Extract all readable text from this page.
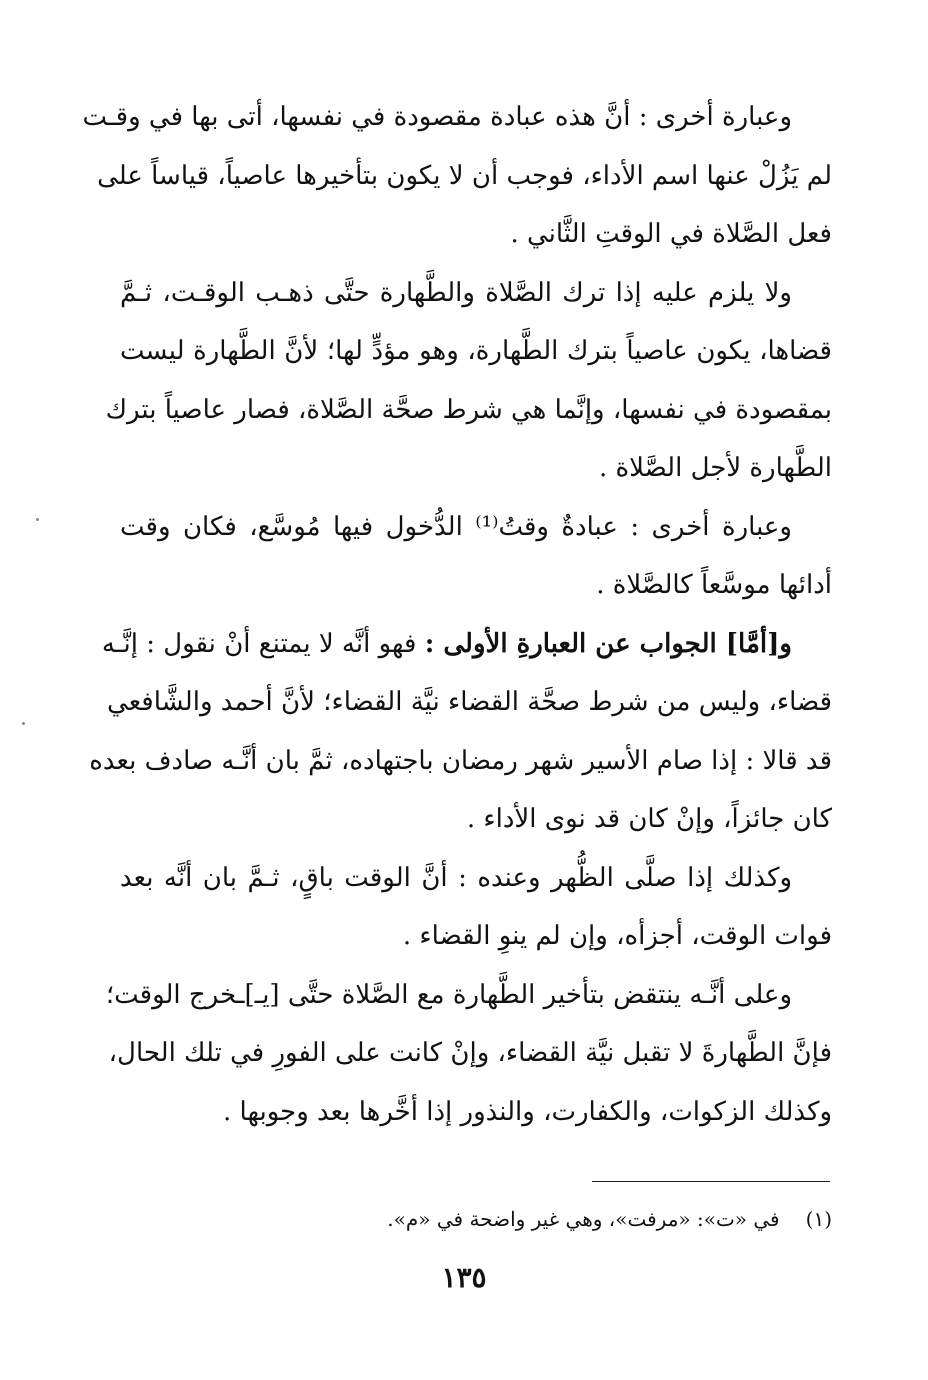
وعبارة أخرى : أنَّ هذه عبادة مقصودة في نفسها، أتى بها في وقـت
لم يَزُلْ عنها اسم الأداء، فوجب أن لا يكون بتأخيرها عاصياً، قياساً على
فعل الصَّلاة في الوقتِ الثَّاني .

ولا يلزم عليه إذا ترك الصَّلاة والطَّهارة حتَّى ذهـب الوقـت، ثـمَّ
قضاها، يكون عاصياً بترك الطَّهارة، وهو مؤدٍّ لها؛ لأنَّ الطَّهارة ليست
بمقصودة في نفسها، وإنَّما هي شرط صحَّة الصَّلاة، فصار عاصياً بترك
الطَّهارة لأجل الصَّلاة .

وعبارة أخرى : عبادةٌ وقتُ⁽¹⁾ الدُّخول فيها مُوسَّع، فكان وقت
أدائها موسَّعاً كالصَّلاة .

و[أمَّا] الجواب عن العبارةِ الأولى : فهو أنَّه لا يمتنع أنْ نقول : إنَّـه
قضاء، وليس من شرط صحَّة القضاء نيَّة القضاء؛ لأنَّ أحمد والشَّافعي
قد قالا : إذا صام الأسير شهر رمضان باجتهاده، ثمَّ بان أنَّـه صادف بعده
كان جائزاً، وإنْ كان قد نوى الأداء .

وكذلك إذا صلَّى الظُّهر وعنده : أنَّ الوقت باقٍ، ثـمَّ بان أنَّه بعد
فوات الوقت، أجزأه، وإن لم ينوِ القضاء .

وعلى أنَّـه ينتقض بتأخير الطَّهارة مع الصَّلاة حتَّى [يـ]ـخرج الوقت؛
فإنَّ الطَّهارةَ لا تقبل نيَّة القضاء، وإنْ كانت على الفورِ في تلك الحال،
وكذلك الزكوات، والكفارت، والنذور إذا أخَّرها بعد وجوبها .

(١)في «ت»: «مرفت»، وهي غير واضحة في «م».
١٣٥
